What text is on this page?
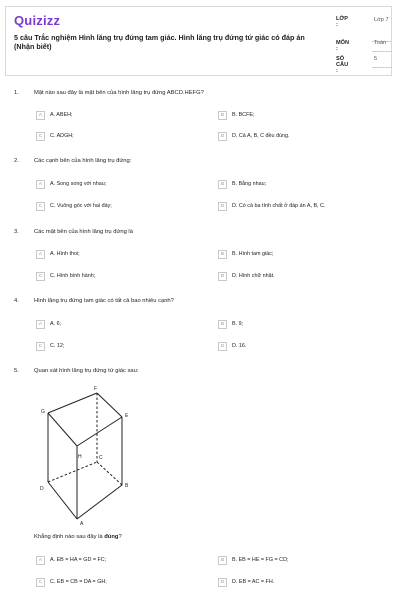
Quizizz
5 câu Trắc nghiệm Hình lăng trụ đứng tam giác. Hình lăng trụ đứng tứ giác có đáp án (Nhận biết)
LỚP :
Lớp 7
MÔN :
Toán
SỐ CÂU :
5
1.	Mặt nào sau đây là mặt bên của hình lăng trụ đứng ABCD.HEFG?
A	A. ABEH;	B	B. BCFE;
C	C. ADGH;	D	D. Cả A, B, C đều đúng.
2.	Các cạnh bên của hình lăng trụ đứng:
A	A. Song song với nhau;	B	B. Bằng nhau;
C	C. Vuông góc với hai đáy;	D	D. Có cả ba tính chất ở đáp án A, B, C.
3.	Các mặt bên của hình lăng trụ đứng là
A	A. Hình thoi;	B	B. Hình tam giác;
C	C. Hình bình hành;	D	D. Hình chữ nhật.
4.	Hình lăng trụ đứng tam giác có tất cả bao nhiêu cạnh?
A	A. 6;	B	B. 9;
C	C. 12;	D	D. 16.
5.	Quan sát hình lăng trụ đứng tứ giác sau:
F
E
G
H	C
B
D
A
Khẳng định nào sau đây là đúng?
A	A. EB = HA = GD = FC;	B	B. EB = HE = FG = CD;
C	C. EB = CB = DA = GH;	D	D. EB = AC = FH.
